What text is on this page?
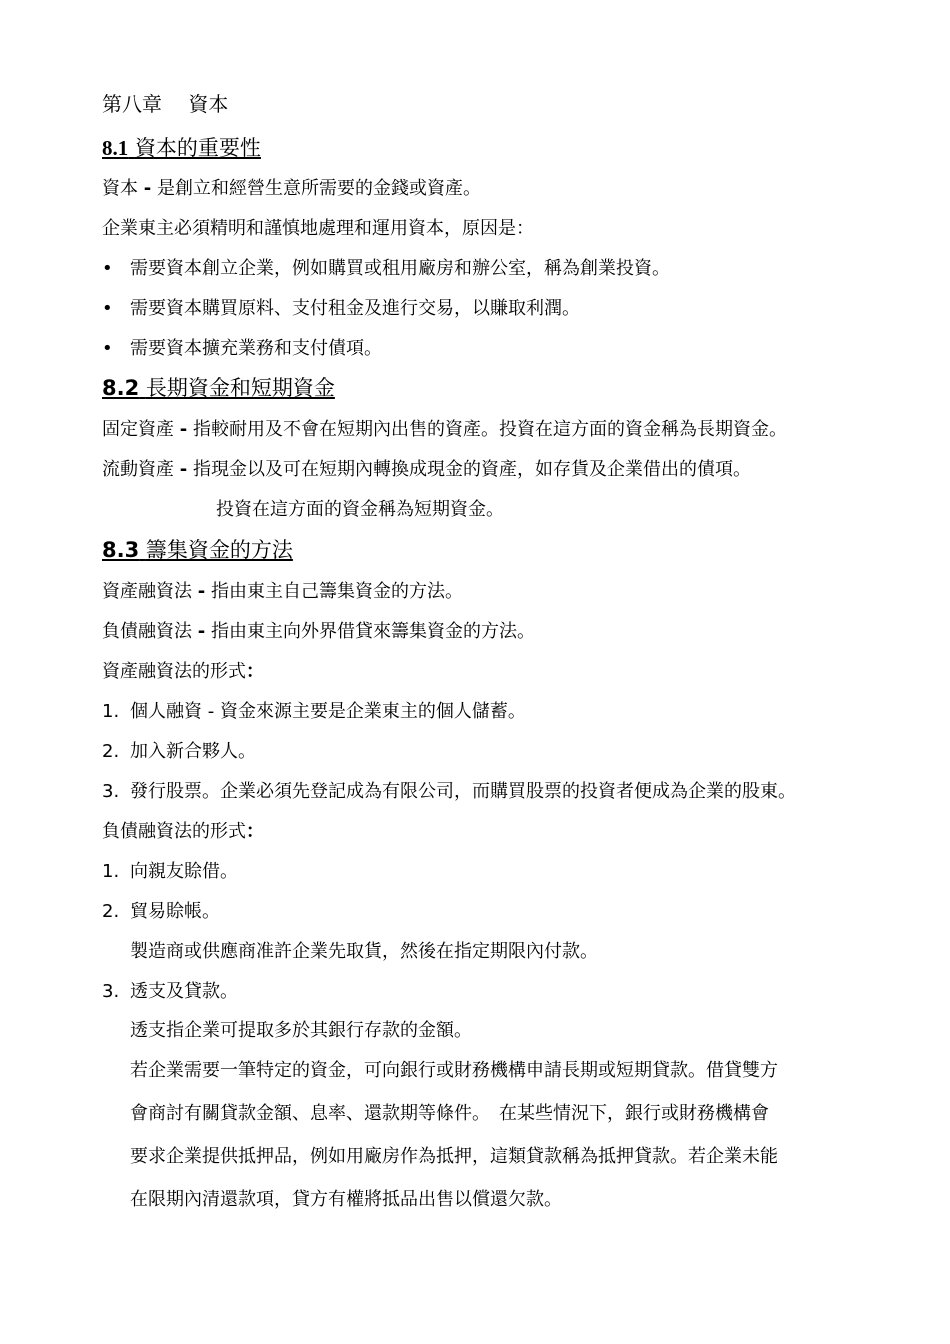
第八章　 資本
8.1 資本的重要性
資本 - 是創立和經營生意所需要的金錢或資產。
企業東主必須精明和謹慎地處理和運用資本，原因是：
• 需要資本創立企業，例如購買或租用廠房和辦公室，稱為創業投資。
• 需要資本購買原料、支付租金及進行交易，以賺取利潤。
• 需要資本擴充業務和支付債項。
8.2 長期資金和短期資金
固定資產 - 指較耐用及不會在短期內出售的資產。投資在這方面的資金稱為長期資金。
流動資產 - 指現金以及可在短期內轉換成現金的資產，如存貨及企業借出的債項。
投資在這方面的資金稱為短期資金。
8.3 籌集資金的方法
資產融資法 - 指由東主自己籌集資金的方法。
負債融資法 - 指由東主向外界借貸來籌集資金的方法。
資產融資法的形式：
1. 個人融資 - 資金來源主要是企業東主的個人儲蓄。
2. 加入新合夥人。
3. 發行股票。企業必須先登記成為有限公司，而購買股票的投資者便成為企業的股東。
負債融資法的形式：
1. 向親友賒借。
2. 貿易賒帳。
製造商或供應商准許企業先取貨，然後在指定期限內付款。
3. 透支及貸款。
透支指企業可提取多於其銀行存款的金額。
若企業需要一筆特定的資金，可向銀行或財務機構申請長期或短期貸款。借貸雙方
會商討有關貸款金額、息率、還款期等條件。　在某些情況下，銀行或財務機構會
要求企業提供抵押品，例如用廠房作為抵押，這類貸款稱為抵押貸款。若企業未能
在限期內清還款項，貸方有權將抵品出售以償還欠款。
